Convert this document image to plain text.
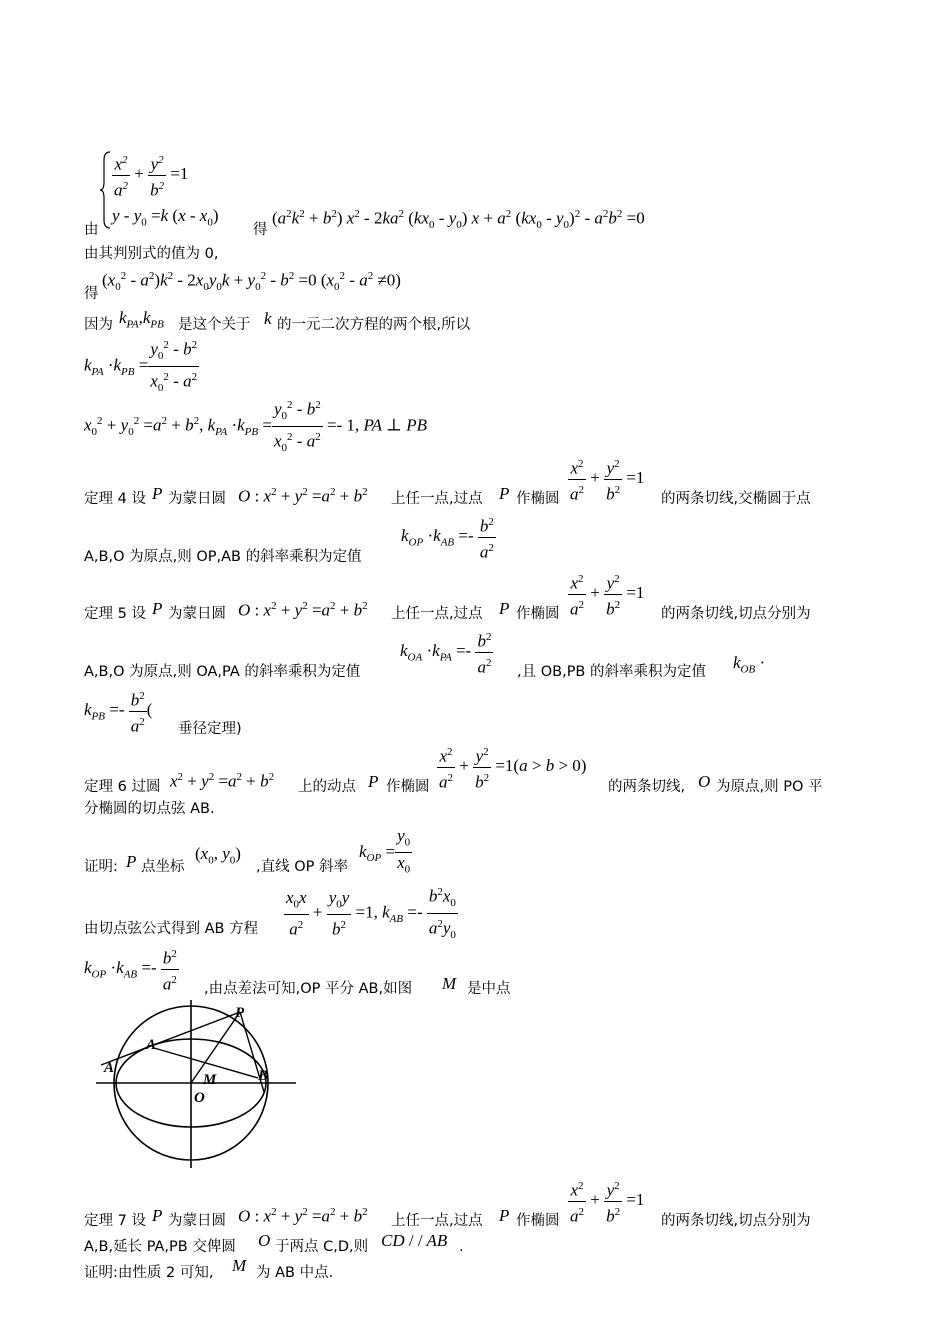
由
$\frac{x^2}{a^2} + \frac{y^2}{b^2} =1$
$y - y_0 =k$ $(x - x_0)$
得
$(a^2k^2 + b^2)$ $x^2 - 2ka^2$ $(kx_0 - y_0) x + a^2$ $(kx_0 - y_0)^2 - a^2b^2 =0$
由其判别式的值为 0,
得
$(x_0^2 - a^2)k^2 - 2x_0y_0k + y_0^2 - b^2 =0$ $(x_0^2 - a^2 \ne 0)$
因为 $k_{PA},k_{PB}$ 是这个关于 k 的一元二次方程的两个根,所以
$k_{PA} \cdot k_{PB} = \frac{y_0^2 - b^2}{x_0^2 - a^2}$
$x_0^2 + y_0^2 =a^2 + b^2$, $k_{PA} \cdot k_{PB} = \frac{y_0^2 - b^2}{x_0^2 - a^2} =- 1$, PA ⊥ PB
定理 4 设 P 为蒙日圆 O : $x^2 + y^2 =a^2 + b^2$ 上任一点,过点 P 作椭圆 $\frac{x^2}{a^2} + \frac{y^2}{b^2} =1$
的两条切线,交椭圆于点
A,B,O 为原点,则 OP,AB 的斜率乘积为定值
$k_{OP} \cdot k_{AB} =- \frac{b^2}{a^2}$
定理 5 设 P 为蒙日圆 O : $x^2 + y^2 =a^2 + b^2$ 上任一点,过点 P 作椭圆 $\frac{x^2}{a^2} + \frac{y^2}{b^2} =1$
的两条切线,切点分别为
A,B,O 为原点,则 OA,PA 的斜率乘积为定值
$k_{OA} \cdot k_{PA} =- \frac{b^2}{a^2}$ ,且 OB,PB 的斜率乘积为定值 $k_{OB}$ ·
$k_{PB} =- \frac{b^2}{a^2}$ (
垂径定理)
定理 6 过圆 $x^2 + y^2 =a^2 + b^2$
上的动点 P 作椭圆 $\frac{x^2}{a^2} + \frac{y^2}{b^2} =1(a > b > 0)$
的两条切线, O 为原点,则 PO 平
分椭圆的切点弦 AB.
证明: P 点坐标
($x_0$, $y_0$)
,直线 OP 斜率
$k_{OP} = \frac{y_0}{x_0}$
由切点弦公式得到 AB 方程 $\frac{x_0x}{a^2} + \frac{y_0y}{b^2} =1$, $k_{AB} =- \frac{b^2x_0}{a^2y_0}$
$k_{OP} \cdot k_{AB} =- \frac{b^2}{a^2}$ ,由点差法可知,OP 平分 AB,如图 M 是中点
P
A
A
M	B
O
定理 7 设 P 为蒙日圆 O : $x^2 + y^2 =a^2 + b^2$
上任一点,过点 P 作椭圆 $\frac{x^2}{a^2} + \frac{y^2}{b^2} =1$
的两条切线,切点分别为
A,B,延长 PA,PB 交俾圆 O 于两点 C,D,则 CD / / AB .
证明:由性质 2 可知, M 为 AB 中点.
